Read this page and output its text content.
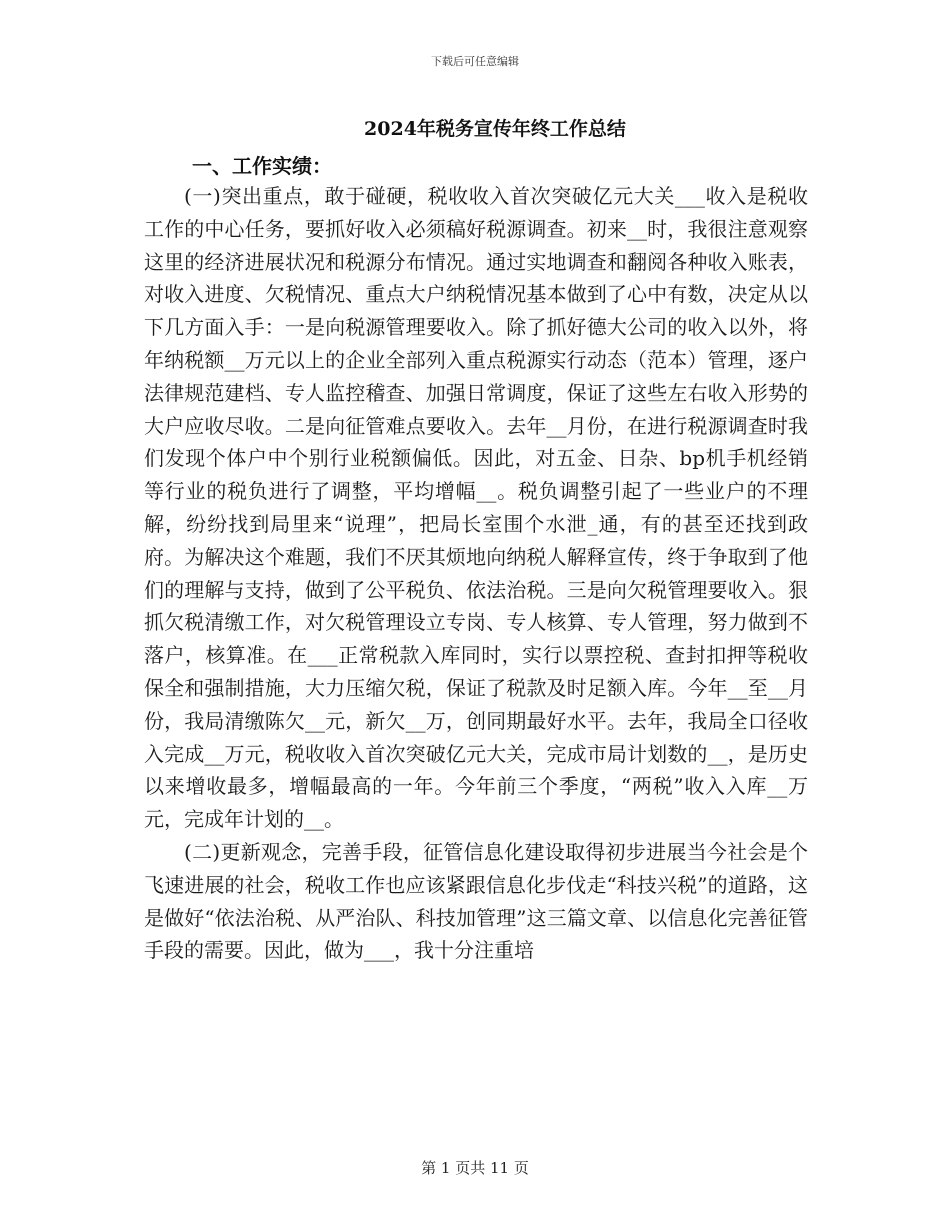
下载后可任意编辑
2024年税务宣传年终工作总结
一、工作实绩：

(一)突出重点，敢于碰硬，税收收入首次突破亿元大关___收入是税收工作的中心任务，要抓好收入必须稿好税源调查。初来__时，我很注意观察这里的经济进展状况和税源分布情况。通过实地调查和翻阅各种收入账表，对收入进度、欠税情况、重点大户纳税情况基本做到了心中有数，决定从以下几方面入手：一是向税源管理要收入。除了抓好德大公司的收入以外，将年纳税额__万元以上的企业全部列入重点税源实行动态（范本）管理，逐户法律规范建档、专人监控稽查、加强日常调度，保证了这些左右收入形势的大户应收尽收。二是向征管难点要收入。去年__月份，在进行税源调查时我们发现个体户中个别行业税额偏低。因此，对五金、日杂、bp机手机经销等行业的税负进行了调整，平均增幅__。税负调整引起了一些业户的不理解，纷纷找到局里来“说理”，把局长室围个水泄_通，有的甚至还找到政府。为解决这个难题，我们不厌其烦地向纳税人解释宣传，终于争取到了他们的理解与支持，做到了公平税负、依法治税。三是向欠税管理要收入。狠抓欠税清缴工作，对欠税管理设立专岗、专人核算、专人管理，努力做到不落户，核算准。在___正常税款入库同时，实行以票控税、查封扣押等税收保全和强制措施，大力压缩欠税，保证了税款及时足额入库。今年__至__月份，我局清缴陈欠__元，新欠__万，创同期最好水平。去年，我局全口径收入完成__万元，税收收入首次突破亿元大关，完成市局计划数的__，是历史以来增收最多，增幅最高的一年。今年前三个季度，“两税”收入入库__万元，完成年计划的__。

(二)更新观念，完善手段，征管信息化建设取得初步进展当今社会是个飞速进展的社会，税收工作也应该紧跟信息化步伐走“科技兴税”的道路，这是做好“依法治税、从严治队、科技加管理”这三篇文章、以信息化完善征管手段的需要。因此，做为___，我十分注重培

第 1 页共 11 页
